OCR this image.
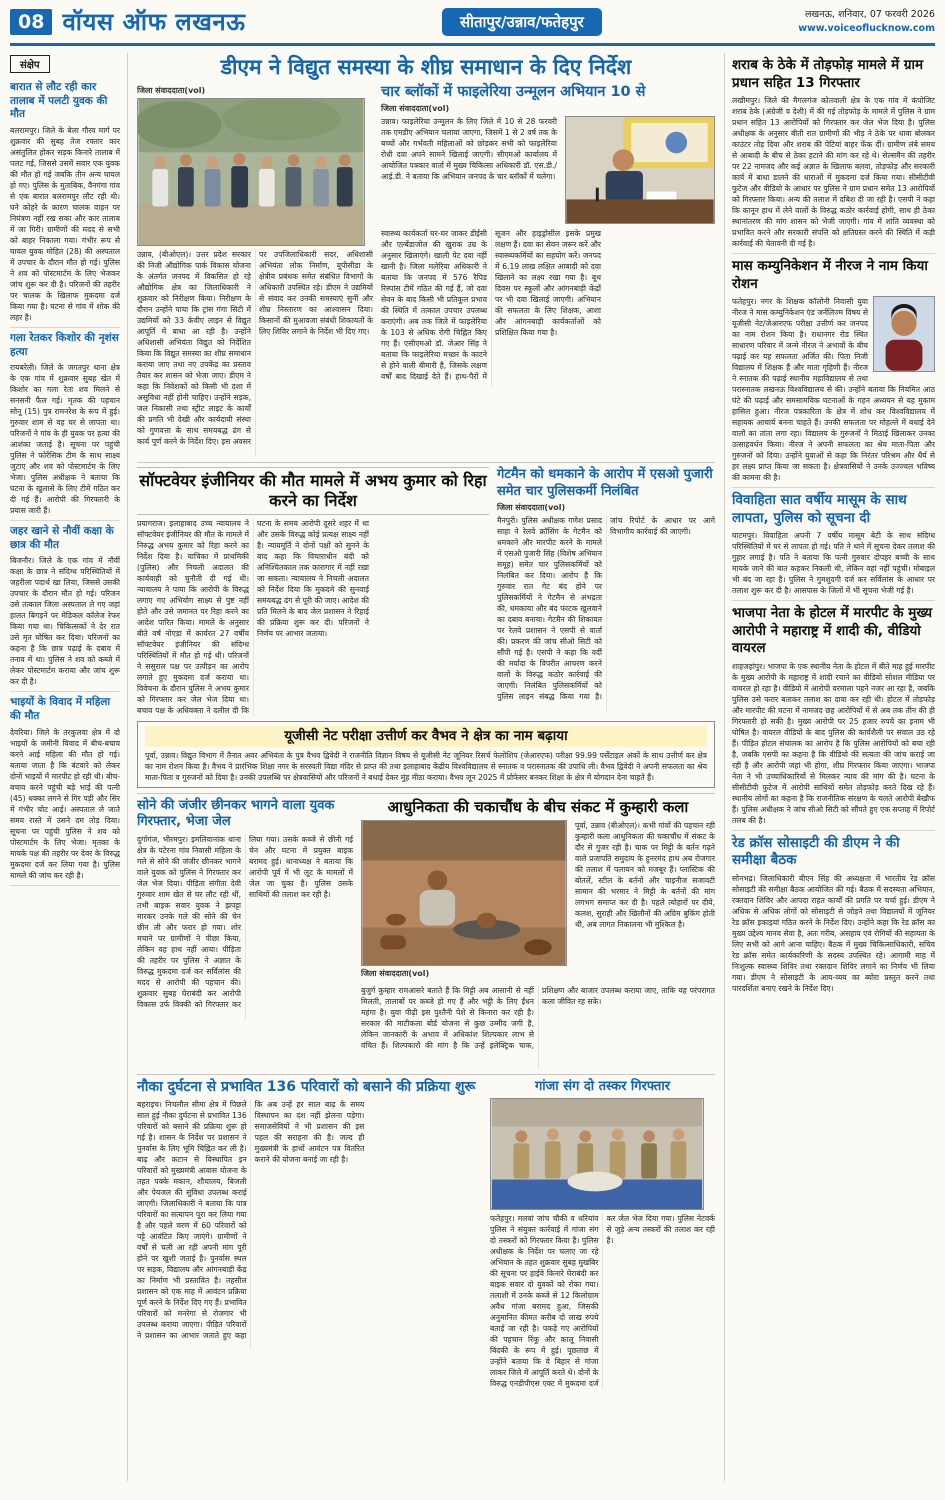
08 वॉयस ऑफ लखनऊ	सीतापुर/उन्नाव/फतेहपुर	लखनऊ, शनिवार, 07 फरवरी 2026
www.voiceoflucknow.com
संक्षेप
बारात से लौट रही कार तालाब में पलटी युवक की मौत

बलरामपुर। जिले के बेला गौरव मार्ग पर शुक्रवार की सुबह तेज रफ्तार कार असंतुलित होकर सड़क किनारे तालाब में पलट गई, जिससे उसमें सवार एक युवक की मौत हो गई जबकि तीन अन्य घायल हो गए। पुलिस के मुताबिक, वैनगंगा गांव से एक बारात बलरामपुर लौट रही थी। घने कोहरे के कारण चालक वाहन पर नियंत्रण नहीं रख सका और कार तालाब में जा गिरी। ग्रामीणों की मदद से सभी को बाहर निकाला गया। गंभीर रूप से घायल युवक मोहित (28) की अस्पताल में उपचार के दौरान मौत हो गई। पुलिस ने शव को पोस्टमार्टम के लिए भेजकर जांच शुरू कर दी है। परिजनों की तहरीर पर चालक के खिलाफ मुकदमा दर्ज किया गया है। घटना से गांव में शोक की लहर है।

गला रेतकर किशोर की नृशंस हत्या

रायबरेली। जिले के जगतपुर थाना क्षेत्र के एक गांव में शुक्रवार सुबह खेत में किशोर का गला रेता शव मिलने से सनसनी फैल गई। मृतक की पहचान सोनू (15) पुत्र रामनरेश के रूप में हुई। गुरुवार शाम से वह घर से लापता था। परिजनों ने गांव के ही युवक पर हत्या की आशंका जताई है। सूचना पर पहुंची पुलिस ने फोरेंसिक टीम के साथ साक्ष्य जुटाए और शव को पोस्टमार्टम के लिए भेजा। पुलिस अधीक्षक ने बताया कि घटना के खुलासे के लिए टीमें गठित कर दी गई हैं। आरोपी की गिरफ्तारी के प्रयास जारी हैं।

जहर खाने से नौवीं कक्षा के छात्र की मौत

बिजनौर। जिले के एक गांव में नौवीं कक्षा के छात्र ने संदिग्ध परिस्थितियों में जहरीला पदार्थ खा लिया, जिससे उसकी उपचार के दौरान मौत हो गई। परिजन उसे तत्काल जिला अस्पताल ले गए जहां हालत बिगड़ने पर मेडिकल कॉलेज रेफर किया गया था। चिकित्सकों ने देर रात उसे मृत घोषित कर दिया। परिजनों का कहना है कि छात्र पढ़ाई के दबाव में तनाव में था। पुलिस ने शव को कब्जे में लेकर पोस्टमार्टम कराया और जांच शुरू कर दी है।

भाइयों के विवाद में महिला की मौत

देवरिया। जिले के तरकुलवा क्षेत्र में दो भाइयों के जमीनी विवाद में बीच-बचाव करने आई महिला की मौत हो गई। बताया जाता है कि बंटवारे को लेकर दोनों भाइयों में मारपीट हो रही थी। बीच-बचाव करने पहुंची बड़े भाई की पत्नी (45) धक्का लगने से गिर पड़ी और सिर में गंभीर चोट आई। अस्पताल ले जाते समय रास्ते में उसने दम तोड़ दिया। सूचना पर पहुंची पुलिस ने शव को पोस्टमार्टम के लिए भेजा। मृतका के मायके पक्ष की तहरीर पर देवर के विरुद्ध मुकदमा दर्ज कर लिया गया है। पुलिस मामले की जांच कर रही है।

डीएम ने विद्युत समस्या के शीघ्र समाधान के दिए निर्देश
जिला संवाददाता(vol)

उन्नाव, (बीओएल)। उत्तर प्रदेश सरकार की निजी औद्योगिक पार्क विकास योजना के अंतर्गत जनपद में विकसित हो रहे औद्योगिक क्षेत्र का जिलाधिकारी ने शुक्रवार को निरीक्षण किया। निरीक्षण के दौरान उन्होंने पाया कि ट्रांस गंगा सिटी में उद्यमियों को 33 केवीए लाइन से विद्युत आपूर्ति में बाधा आ रही है। उन्होंने अधिशासी अभियंता विद्युत को निर्देशित किया कि विद्युत समस्या का शीघ्र समाधान कराया जाए तथा नए उपकेंद्र का प्रस्ताव तैयार कर शासन को भेजा जाए। डीएम ने कहा कि निवेशकों को किसी भी दशा में असुविधा नहीं होनी चाहिए। उन्होंने सड़क, जल निकासी तथा स्ट्रीट लाइट के कार्यों की प्रगति भी देखी और कार्यदायी संस्था को गुणवत्ता के साथ समयबद्ध ढंग से कार्य पूर्ण करने के निर्देश दिए। इस अवसर पर उपजिलाधिकारी सदर, अधिशासी अभियंता लोक निर्माण, यूपीसीडा के क्षेत्रीय प्रबंधक समेत संबंधित विभागों के अधिकारी उपस्थित रहे। डीएम ने उद्यमियों से संवाद कर उनकी समस्याएं सुनीं और शीघ्र निस्तारण का आश्वासन दिया। किसानों की मुआवजा संबंधी शिकायतों के लिए शिविर लगाने के निर्देश भी दिए गए।

चार ब्लॉकों में फाइलेरिया उन्मूलन अभियान 10 से
जिला संवाददाता(vol)

उन्नाव। फाइलेरिया उन्मूलन के लिए जिले में 10 से 28 फरवरी तक एमडीए अभियान चलाया जाएगा, जिसमें 1 से 2 वर्ष तक के बच्चों और गर्भवती महिलाओं को छोड़कर सभी को फाइलेरिया रोधी दवा अपने सामने खिलाई जाएगी। सीएमओ कार्यालय में आयोजित पत्रकार वार्ता में मुख्य चिकित्सा अधिकारी डॉ. एस.डी./आई.डी. ने बताया कि अभियान जनपद के चार ब्लॉकों में चलेगा।

स्वास्थ्य कार्यकर्ता घर-घर जाकर डीईसी और एल्बेंडाजोल की खुराक उम्र के अनुसार खिलाएंगे। खाली पेट दवा नहीं खानी है। जिला मलेरिया अधिकारी ने बताया कि जनपद में 576 रैपिड रिस्पांस टीमें गठित की गई हैं, जो दवा सेवन के बाद किसी भी प्रतिकूल प्रभाव की स्थिति में तत्काल उपचार उपलब्ध कराएंगी। अब तक जिले में फाइलेरिया के 103 से अधिक रोगी चिह्नित किए गए हैं। एसीएमओ डॉ. जेआर सिंह ने बताया कि फाइलेरिया मच्छर के काटने से होने वाली बीमारी है, जिसके लक्षण वर्षों बाद दिखाई देते हैं। हाथ-पैरों में सूजन और हाइड्रोसील इसके प्रमुख लक्षण हैं। दवा का सेवन जरूर करें और स्वास्थ्यकर्मियों का सहयोग करें। जनपद में 6.19 लाख लक्षित आबादी को दवा खिलाने का लक्ष्य रखा गया है। बूथ दिवस पर स्कूलों और आंगनबाड़ी केंद्रों पर भी दवा खिलाई जाएगी। अभियान की सफलता के लिए शिक्षक, आशा और आंगनबाड़ी कार्यकर्ताओं को प्रशिक्षित किया गया है।

सॉफ्टवेयर इंजीनियर की मौत मामले में अभय कुमार को रिहा करने का निर्देश

प्रयागराज। इलाहाबाद उच्च न्यायालय ने सॉफ्टवेयर इंजीनियर की मौत के मामले में निरुद्ध अभय कुमार को रिहा करने का निर्देश दिया है। याचिका में प्राथमिकी (पुलिस) और निचली अदालत की कार्यवाही को चुनौती दी गई थी। न्यायालय ने पाया कि आरोपी के विरुद्ध लगाए गए अभियोग साक्ष्य से पुष्ट नहीं होते और उसे जमानत पर रिहा करने का आदेश पारित किया। मामले के अनुसार बीते वर्ष नोएडा में कार्यरत 27 वर्षीय सॉफ्टवेयर इंजीनियर की संदिग्ध परिस्थितियों में मौत हो गई थी। परिजनों ने ससुराल पक्ष पर उत्पीड़न का आरोप लगाते हुए मुकदमा दर्ज कराया था। विवेचना के दौरान पुलिस ने अभय कुमार को गिरफ्तार कर जेल भेज दिया था। बचाव पक्ष के अधिवक्ता ने दलील दी कि घटना के समय आरोपी दूसरे शहर में था और उसके विरुद्ध कोई प्रत्यक्ष साक्ष्य नहीं है। न्यायमूर्ति ने दोनों पक्षों को सुनने के बाद कहा कि विचाराधीन बंदी को अनिश्चितकाल तक कारागार में नहीं रखा जा सकता। न्यायालय ने निचली अदालत को निर्देश दिया कि मुकदमे की सुनवाई समयबद्ध ढंग से पूरी की जाए। आदेश की प्रति मिलने के बाद जेल प्रशासन ने रिहाई की प्रक्रिया शुरू कर दी। परिजनों ने निर्णय पर आभार जताया।

गेटमैन को धमकाने के आरोप में एसओ पुजारी समेत चार पुलिसकर्मी निलंबित
जिला संवाददाता(vol)

मैनपुरी। पुलिस अधीक्षक गणेश प्रसाद साहा ने रेलवे क्रॉसिंग के गेटमैन को धमकाने और मारपीट करने के मामले में एसओ पुजारी सिंह (विशेष अभियान समूह) समेत चार पुलिसकर्मियों को निलंबित कर दिया। आरोप है कि गुरुवार रात गेट बंद होने पर पुलिसकर्मियों ने गेटमैन से अभद्रता की, धमकाया और बंद फाटक खुलवाने का दबाव बनाया। गेटमैन की शिकायत पर रेलवे प्रशासन ने एसपी से वार्ता की। प्रकरण की जांच सीओ सिटी को सौंपी गई है। एसपी ने कहा कि वर्दी की मर्यादा के विपरीत आचरण करने वालों के विरुद्ध कठोर कार्रवाई की जाएगी। निलंबित पुलिसकर्मियों को पुलिस लाइन संबद्ध किया गया है। जांच रिपोर्ट के आधार पर आगे विभागीय कार्रवाई की जाएगी।

यूजीसी नेट परीक्षा उत्तीर्ण कर वैभव ने क्षेत्र का नाम बढ़ाया

पूर्वा, उन्नाव। विद्युत विभाग में तैनात अवर अभियंता के पुत्र वैभव द्विवेदी ने राजनीति विज्ञान विषय से यूजीसी नेट जूनियर रिसर्च फेलोशिप (जेआरएफ) परीक्षा 99.99 पर्सेंटाइल अंकों के साथ उत्तीर्ण कर क्षेत्र का नाम रोशन किया है। वैभव ने प्रारंभिक शिक्षा नगर के सरस्वती विद्या मंदिर से प्राप्त की तथा इलाहाबाद केंद्रीय विश्वविद्यालय से स्नातक व परास्नातक की उपाधि ली। वैभव द्विवेदी ने अपनी सफलता का श्रेय माता-पिता व गुरुजनों को दिया है। उनकी उपलब्धि पर क्षेत्रवासियों और परिजनों ने बधाई देकर मुंह मीठा कराया। वैभव जून 2025 में प्रोफेसर बनकर शिक्षा के क्षेत्र में योगदान देना चाहते हैं।

सोने की जंजीर छीनकर भागने वाला युवक गिरफ्तार, भेजा जेल

दुर्गागंज, भीरमपुर। इमलियानांक थाना क्षेत्र के पटेरना गांव निवासी महिला के गले से सोने की जंजीर छीनकर भागने वाले युवक को पुलिस ने गिरफ्तार कर जेल भेज दिया। पीड़िता संगीता देवी गुरुवार शाम खेत से घर लौट रही थीं, तभी बाइक सवार युवक ने झपट्टा मारकर उनके गले की सोने की चेन छीन ली और फरार हो गया। शोर मचाने पर ग्रामीणों ने पीछा किया, लेकिन वह हाथ नहीं आया। पीड़िता की तहरीर पर पुलिस ने अज्ञात के विरुद्ध मुकदमा दर्ज कर सर्विलांस की मदद से आरोपी की पहचान की। शुक्रवार सुबह घेराबंदी कर आरोपी विकास उर्फ विक्की को गिरफ्तार कर लिया गया। उसके कब्जे से छीनी गई चेन और घटना में प्रयुक्त बाइक बरामद हुई। थानाध्यक्ष ने बताया कि आरोपी पूर्व में भी लूट के मामलों में जेल जा चुका है। पुलिस उसके साथियों की तलाश कर रही है।

आधुनिकता की चकाचौंध के बीच संकट में कुम्हारी कला
जिला संवाददाता(vol)

पूर्वा, उन्नाव (बीओएल)। कभी गांवों की पहचान रही कुम्हारी कला आधुनिकता की चकाचौंध में संकट के दौर से गुजर रही है। चाक पर मिट्टी के बर्तन गढ़ने वाले प्रजापति समुदाय के हुनरमंद हाथ अब रोजगार की तलाश में पलायन को मजबूर हैं। प्लास्टिक की बोतलें, स्टील के बर्तनों और चाइनीज सजावटी सामान की भरमार ने मिट्टी के बर्तनों की मांग लगभग समाप्त कर दी है। पहले त्योहारों पर दीये, कलश, सुराही और खिलौनों की अग्रिम बुकिंग होती थी, अब लागत निकालना भी मुश्किल है।

बुजुर्ग कुम्हार रामआसरे बताते हैं कि मिट्टी अब आसानी से नहीं मिलती, तालाबों पर कब्जे हो गए हैं और भट्ठी के लिए ईंधन महंगा है। युवा पीढ़ी इस पुश्तैनी पेशे से किनारा कर रही है। सरकार की माटीकला बोर्ड योजना से कुछ उम्मीद जगी है, लेकिन जानकारी के अभाव में अधिकांश शिल्पकार लाभ से वंचित हैं। शिल्पकारों की मांग है कि उन्हें इलेक्ट्रिक चाक, प्रशिक्षण और बाजार उपलब्ध कराया जाए, ताकि यह परंपरागत कला जीवित रह सके।

नौका दुर्घटना से प्रभावित 136 परिवारों को बसाने की प्रक्रिया शुरू

बहराइच। निचलौल सीमा क्षेत्र में पिछले साल हुई नौका दुर्घटना से प्रभावित 136 परिवारों को बसाने की प्रक्रिया शुरू हो गई है। शासन के निर्देश पर प्रशासन ने पुनर्वास के लिए भूमि चिह्नित कर ली है। बाढ़ और कटान से विस्थापित इन परिवारों को मुख्यमंत्री आवास योजना के तहत पक्के मकान, शौचालय, बिजली और पेयजल की सुविधा उपलब्ध कराई जाएगी। जिलाधिकारी ने बताया कि पात्र परिवारों का सत्यापन पूरा कर लिया गया है और पहले चरण में 60 परिवारों को पट्टे आवंटित किए जाएंगे। ग्रामीणों ने वर्षों से चली आ रही अपनी मांग पूरी होने पर खुशी जताई है। पुनर्वास स्थल पर सड़क, विद्यालय और आंगनबाड़ी केंद्र का निर्माण भी प्रस्तावित है। तहसील प्रशासन को एक माह में आवंटन प्रक्रिया पूर्ण करने के निर्देश दिए गए हैं। प्रभावित परिवारों को मनरेगा से रोजगार भी उपलब्ध कराया जाएगा। पीड़ित परिवारों ने प्रशासन का आभार जताते हुए कहा कि अब उन्हें हर साल बाढ़ के समय विस्थापन का दंश नहीं झेलना पड़ेगा। समाजसेवियों ने भी प्रशासन की इस पहल की सराहना की है। जल्द ही मुख्यमंत्री के हाथों आवंटन पत्र वितरित कराने की योजना बनाई जा रही है।

गांजा संग दो तस्कर गिरफ्तार

फतेहपुर। मलवां जांच चौकी व थरियांव पुलिस ने संयुक्त कार्रवाई में गांजा संग दो तस्करों को गिरफ्तार किया है। पुलिस अधीक्षक के निर्देश पर चलाए जा रहे अभियान के तहत शुक्रवार सुबह मुखबिर की सूचना पर हाईवे किनारे घेराबंदी कर बाइक सवार दो युवकों को रोका गया। तलाशी में उनके कब्जे से 12 किलोग्राम अवैध गांजा बरामद हुआ, जिसकी अनुमानित कीमत करीब दो लाख रुपये बताई जा रही है। पकड़े गए आरोपियों की पहचान रिंकू और कालू निवासी बिंदकी के रूप में हुई। पूछताछ में उन्होंने बताया कि वे बिहार से गांजा लाकर जिले में आपूर्ति करते थे। दोनों के विरुद्ध एनडीपीएस एक्ट में मुकदमा दर्ज कर जेल भेज दिया गया। पुलिस नेटवर्क से जुड़े अन्य तस्करों की तलाश कर रही है।

शराब के ठेके में तोड़फोड़ मामले में ग्राम प्रधान सहित 13 गिरफ्तार

लखीमपुर। जिले की मैगलगंज कोतवाली क्षेत्र के एक गांव में कंपोजिट शराब ठेके (अंग्रेजी व देशी) में की गई तोड़फोड़ के मामले में पुलिस ने ग्राम प्रधान सहित 13 आरोपियों को गिरफ्तार कर जेल भेज दिया है। पुलिस अधीक्षक के अनुसार बीती रात ग्रामीणों की भीड़ ने ठेके पर धावा बोलकर काउंटर तोड़ दिया और शराब की पेटियां बाहर फेंक दीं। ग्रामीण लंबे समय से आबादी के बीच से ठेका हटाने की मांग कर रहे थे। सेल्समैन की तहरीर पर 22 नामजद और कई अज्ञात के खिलाफ बलवा, तोड़फोड़ और सरकारी कार्य में बाधा डालने की धाराओं में मुकदमा दर्ज किया गया। सीसीटीवी फुटेज और वीडियो के आधार पर पुलिस ने ग्राम प्रधान समेत 13 आरोपियों को गिरफ्तार किया। अन्य की तलाश में दबिश दी जा रही है। एसपी ने कहा कि कानून हाथ में लेने वालों के विरुद्ध कठोर कार्रवाई होगी, साथ ही ठेका स्थानांतरण की मांग शासन को भेजी जाएगी। गांव में शांति व्यवस्था को प्रभावित करने और सरकारी संपत्ति को क्षतिग्रस्त करने की स्थिति में कड़ी कार्रवाई की चेतावनी दी गई है।

मास कम्युनिकेशन में नीरज ने नाम किया रोशन

फतेहपुर। नगर के शिक्षक कॉलोनी निवासी युवा नीरज ने मास कम्युनिकेशन एंड जर्नलिज्म विषय से यूजीसी नेट/जेआरएफ परीक्षा उत्तीर्ण कर जनपद का नाम रोशन किया है। राधानगर रोड स्थित साधारण परिवार में जन्मे नीरज ने अभावों के बीच पढ़ाई कर यह सफलता अर्जित की। पिता निजी विद्यालय में शिक्षक हैं और माता गृहिणी हैं। नीरज ने स्नातक की पढ़ाई स्थानीय महाविद्यालय से तथा परास्नातक लखनऊ विश्वविद्यालय से की। उन्होंने बताया कि नियमित आठ घंटे की पढ़ाई और समसामयिक घटनाओं के गहन अध्ययन से यह मुकाम हासिल हुआ। नीरज पत्रकारिता के क्षेत्र में शोध कर विश्वविद्यालय में सहायक आचार्य बनना चाहते हैं। उनकी सफलता पर मोहल्ले में बधाई देने वालों का तांता लगा रहा। विद्यालय के गुरुजनों ने मिठाई खिलाकर उनका उत्साहवर्धन किया। नीरज ने अपनी सफलता का श्रेय माता-पिता और गुरुजनों को दिया। उन्होंने युवाओं से कहा कि निरंतर परिश्रम और धैर्य से हर लक्ष्य प्राप्त किया जा सकता है। क्षेत्रवासियों ने उनके उज्ज्वल भविष्य की कामना की है।

विवाहिता सात वर्षीय मासूम के साथ लापता, पुलिस को सूचना दी

घाटमपुर। विवाहिता अपनी 7 वर्षीय मासूम बेटी के साथ संदिग्ध परिस्थितियों में घर से लापता हो गई। पति ने थाने में सूचना देकर तलाश की गुहार लगाई है। पति ने बताया कि पत्नी गुरुवार दोपहर बच्ची के साथ मायके जाने की बात कहकर निकली थी, लेकिन वहां नहीं पहुंची। मोबाइल भी बंद जा रहा है। पुलिस ने गुमशुदगी दर्ज कर सर्विलांस के आधार पर तलाश शुरू कर दी है। आसपास के जिलों में भी सूचना भेजी गई है।

भाजपा नेता के होटल में मारपीट के मुख्य आरोपी ने महाराष्ट्र में शादी की, वीडियो वायरल

शाहजहांपुर। भाजपा के एक स्थानीय नेता के होटल में बीते माह हुई मारपीट के मुख्य आरोपी के महाराष्ट्र में शादी रचाने का वीडियो सोशल मीडिया पर वायरल हो रहा है। वीडियो में आरोपी वरमाला पहने नजर आ रहा है, जबकि पुलिस उसे फरार बताकर तलाश का दावा कर रही थी। होटल में तोड़फोड़ और मारपीट की घटना में नामजद छह आरोपियों में से अब तक तीन की ही गिरफ्तारी हो सकी है। मुख्य आरोपी पर 25 हजार रुपये का इनाम भी घोषित है। वायरल वीडियो के बाद पुलिस की कार्यशैली पर सवाल उठ रहे हैं। पीड़ित होटल संचालक का आरोप है कि पुलिस आरोपियों को बचा रही है, जबकि एसपी का कहना है कि वीडियो की सत्यता की जांच कराई जा रही है और आरोपी जहां भी होगा, शीघ्र गिरफ्तार किया जाएगा। भाजपा नेता ने भी उच्चाधिकारियों से मिलकर न्याय की मांग की है। घटना के सीसीटीवी फुटेज में आरोपी साथियों समेत तोड़फोड़ करते दिख रहे हैं। स्थानीय लोगों का कहना है कि राजनीतिक संरक्षण के चलते आरोपी बेखौफ हैं। पुलिस अधीक्षक ने जांच सीओ सिटी को सौंपते हुए एक सप्ताह में रिपोर्ट तलब की है।

रेड क्रॉस सोसाइटी की डीएम ने की समीक्षा बैठक

सोनभद्र। जिलाधिकारी बीएन सिंह की अध्यक्षता में भारतीय रेड क्रॉस सोसाइटी की समीक्षा बैठक आयोजित की गई। बैठक में सदस्यता अभियान, रक्तदान शिविर और आपदा राहत कार्यों की प्रगति पर चर्चा हुई। डीएम ने अधिक से अधिक लोगों को सोसाइटी से जोड़ने तथा विद्यालयों में जूनियर रेड क्रॉस इकाइयां गठित करने के निर्देश दिए। उन्होंने कहा कि रेड क्रॉस का मुख्य उद्देश्य मानव सेवा है, अतः गरीब, असहाय एवं रोगियों की सहायता के लिए सभी को आगे आना चाहिए। बैठक में मुख्य चिकित्साधिकारी, सचिव रेड क्रॉस समेत कार्यकारिणी के सदस्य उपस्थित रहे। आगामी माह में निःशुल्क स्वास्थ्य शिविर तथा रक्तदान शिविर लगाने का निर्णय भी लिया गया। डीएम ने सोसाइटी के आय-व्यय का ब्योरा प्रस्तुत करने तथा पारदर्शिता बनाए रखने के निर्देश दिए।
